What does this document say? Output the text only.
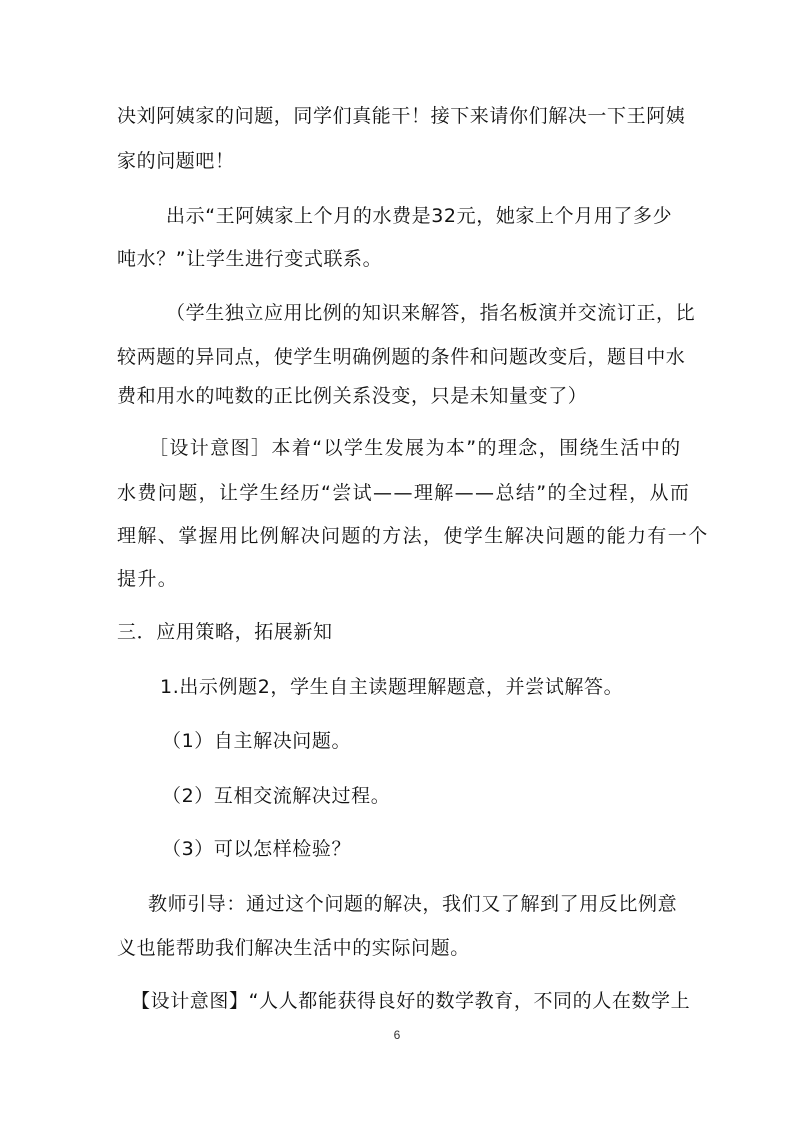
决刘阿姨家的问题，同学们真能干！接下来请你们解决一下王阿姨
家的问题吧！
出示“王阿姨家上个月的水费是32元，她家上个月用了多少
吨水？”让学生进行变式联系。
（学生独立应用比例的知识来解答，指名板演并交流订正，比
较两题的异同点，使学生明确例题的条件和问题改变后，题目中水
费和用水的吨数的正比例关系没变，只是未知量变了）
［设计意图］本着“以学生发展为本”的理念，围绕生活中的
水费问题，让学生经历“尝试——理解——总结”的全过程，从而
理解、掌握用比例解决问题的方法，使学生解决问题的能力有一个
提升。
三．应用策略，拓展新知
1.出示例题2，学生自主读题理解题意，并尝试解答。
（1）自主解决问题。
（2）互相交流解决过程。
（3）可以怎样检验？
教师引导：通过这个问题的解决，我们又了解到了用反比例意
义也能帮助我们解决生活中的实际问题。
【设计意图】“人人都能获得良好的数学教育，不同的人在数学上
6
